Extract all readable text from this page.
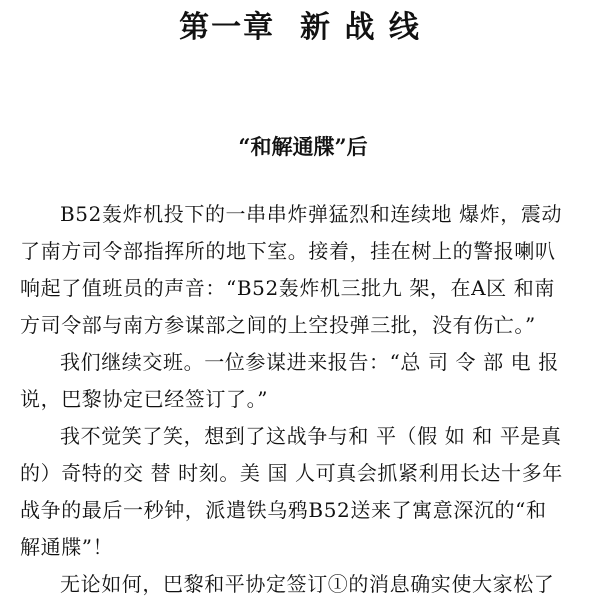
第一章  新 战 线
“和解通牒”后
B52轰炸机投下的一串串炸弹猛烈和连续地 爆炸，震动
了南方司令部指挥所的地下室。接着，挂在树上的警报喇叭
响起了值班员的声音：“B52轰炸机三批九 架，在A区 和南
方司令部与南方参谋部之间的上空投弹三批，没有伤亡。”
我们继续交班。一位参谋进来报告：“总 司 令 部 电 报
说，巴黎协定已经签订了。”
我不觉笑了笑，想到了这战争与和 平（假 如 和 平是真
的）奇特的交 替 时刻。美 国 人可真会抓紧利用长达十多年
战争的最后一秒钟，派遣铁乌鸦B52送来了寓意深沉的“和
解通牒”！
无论如何，巴黎和平协定签订①的消息确实使大家松了
